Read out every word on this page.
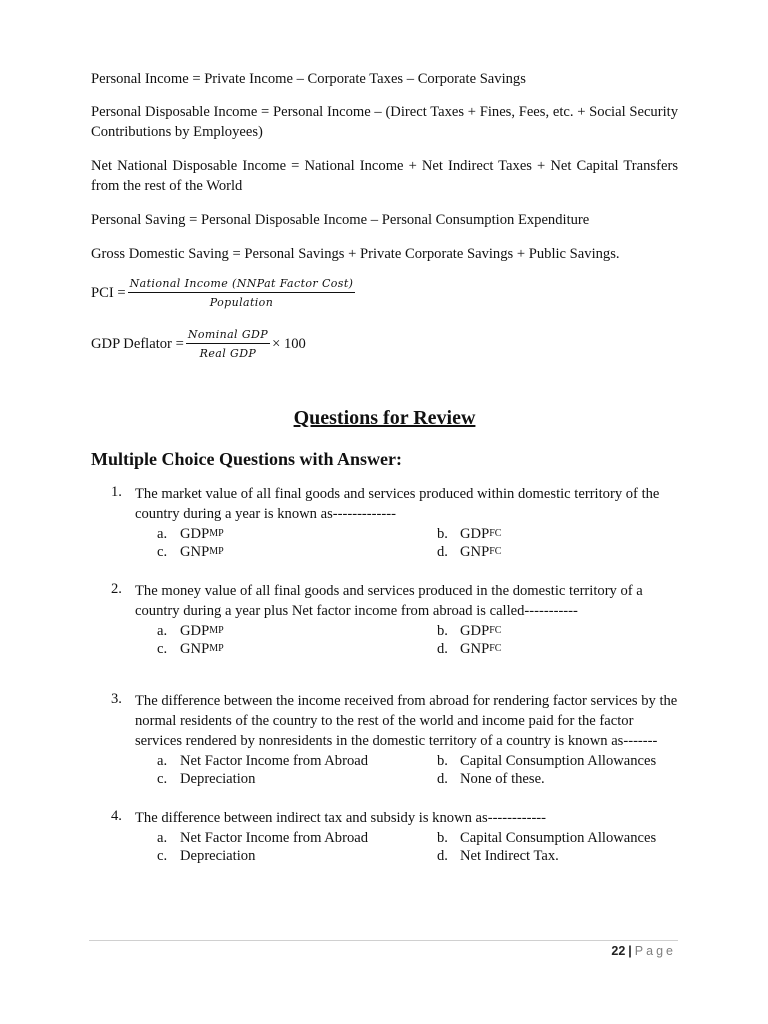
Personal Income = Private Income – Corporate Taxes – Corporate Savings
Personal Disposable Income = Personal Income – (Direct Taxes + Fines, Fees, etc. + Social Security Contributions by Employees)
Net National Disposable Income = National Income + Net Indirect Taxes + Net Capital Transfers from the rest of the World
Personal Saving = Personal Disposable Income – Personal Consumption Expenditure
Gross Domestic Saving = Personal Savings + Private Corporate Savings + Public Savings.
PCI = $\frac{\text{National Income (NNPat Factor Cost)}}{\text{Population}}$
GDP Deflator = $\frac{\text{Nominal GDP}}{\text{Real GDP}} \times 100$
Questions for Review
Multiple Choice Questions with Answer:
1. The market value of all final goods and services produced within domestic territory of the country during a year is known as-------------
a. GDP MP	b. GDP FC
c. GNP MP	d. GNP FC
2. The money value of all final goods and services produced in the domestic territory of a country during a year plus Net factor income from abroad is called-----------
a. GDP MP	b. GDP FC
c. GNP MP	d. GNP FC
3. The difference between the income received from abroad for rendering factor services by the normal residents of the country to the rest of the world and income paid for the factor services rendered by nonresidents in the domestic territory of a country is known as-------
a. Net Factor Income from Abroad	b. Capital Consumption Allowances
c. Depreciation	d. None of these.
4. The difference between indirect tax and subsidy is known as------------
a. Net Factor Income from Abroad	b. Capital Consumption Allowances
c. Depreciation	d. Net Indirect Tax.
22 | Page
